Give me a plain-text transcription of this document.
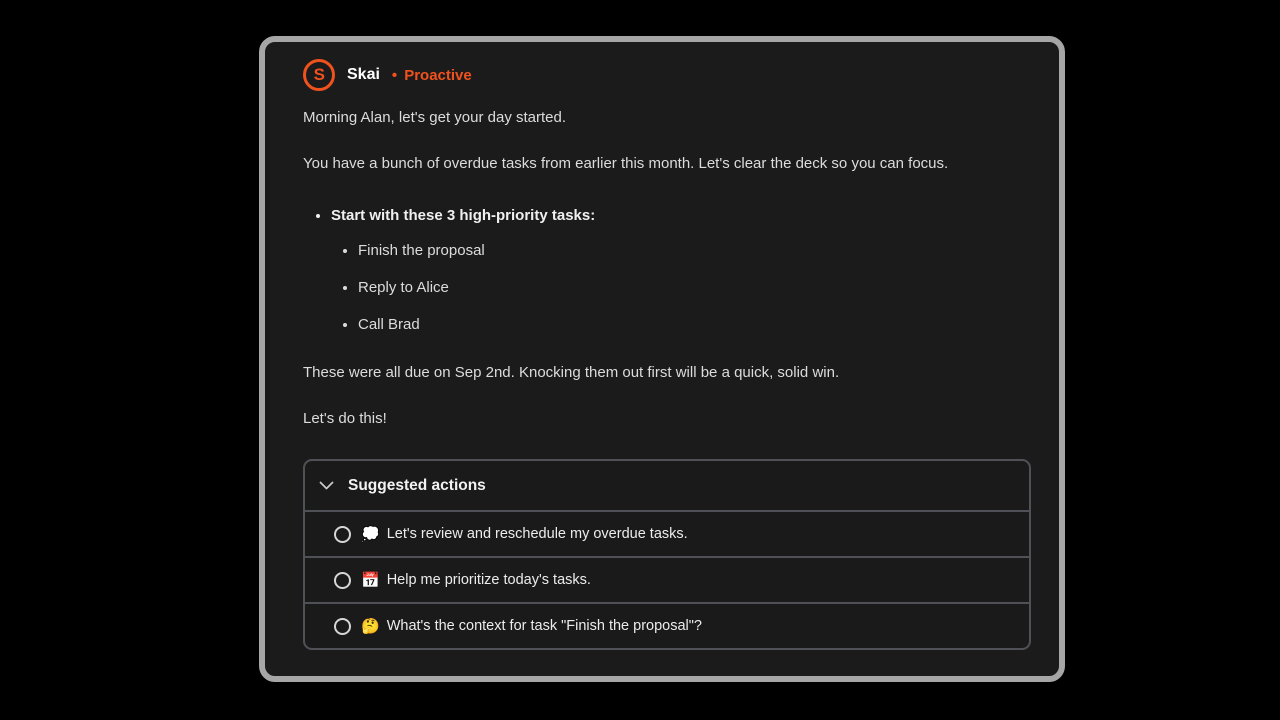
S	Skai • Proactive

Morning Alan, let's get your day started.

You have a bunch of overdue tasks from earlier this month. Let's clear the deck so you can focus.

• Start with these 3 high-priority tasks:
• Finish the proposal
• Reply to Alice
• Call Brad

These were all due on Sep 2nd. Knocking them out first will be a quick, solid win.

Let's do this!

Suggested actions
💭 Let's review and reschedule my overdue tasks.
📅 Help me prioritize today's tasks.
🤔 What's the context for task "Finish the proposal"?
